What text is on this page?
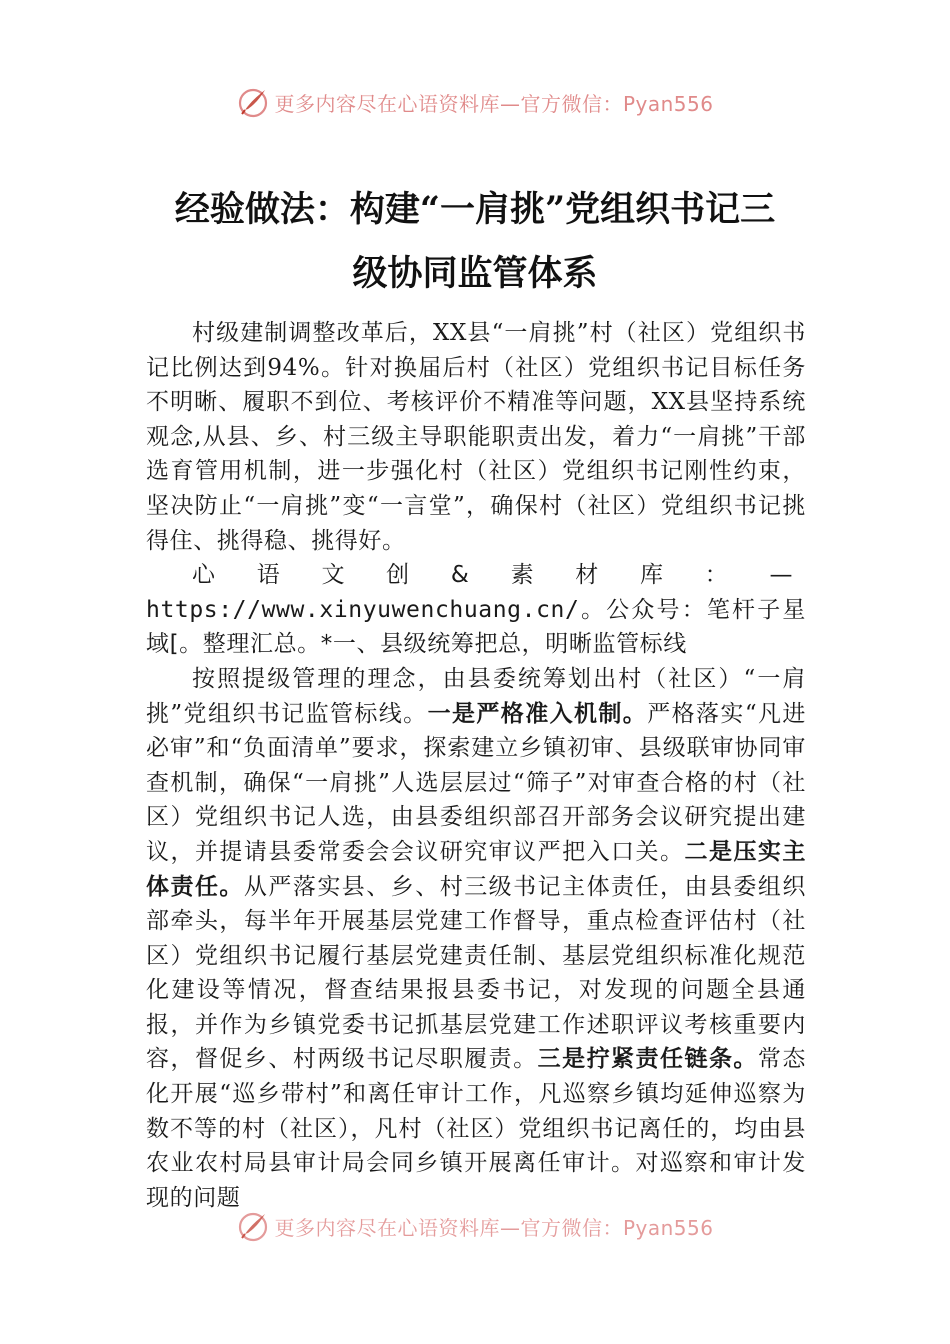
更多内容尽在心语资料库—官方微信：Pyan556
经验做法：构建“一肩挑”党组织书记三
级协同监管体系

村级建制调整改革后，XX县“一肩挑”村（社区）党组织书记比例达到94%。针对换届后村（社区）党组织书记目标任务不明晰、履职不到位、考核评价不精准等问题，XX县坚持系统观念,从县、乡、村三级主导职能职责出发，着力“一肩挑”干部选育管用机制，进一步强化村（社区）党组织书记刚性约束，坚决防止“一肩挑”变“一言堂”，确保村（社区）党组织书记挑得住、挑得稳、挑得好。

心语文创&素材库：—https://www.xinyuwenchuang.cn/。公众号：笔杆子星域[。整理汇总。*一、县级统筹把总，明晰监管标线

按照提级管理的理念，由县委统筹划出村（社区）“一肩挑”党组织书记监管标线。一是严格准入机制。严格落实“凡进必审”和“负面清单”要求，探索建立乡镇初审、县级联审协同审查机制，确保“一肩挑”人选层层过“筛子”对审查合格的村（社区）党组织书记人选，由县委组织部召开部务会议研究提出建议，并提请县委常委会会议研究审议严把入口关。二是压实主体责任。从严落实县、乡、村三级书记主体责任，由县委组织部牵头，每半年开展基层党建工作督导，重点检查评估村（社区）党组织书记履行基层党建责任制、基层党组织标准化规范化建设等情况，督查结果报县委书记，对发现的问题全县通报，并作为乡镇党委书记抓基层党建工作述职评议考核重要内容，督促乡、村两级书记尽职履责。三是拧紧责任链条。常态化开展“巡乡带村”和离任审计工作，凡巡察乡镇均延伸巡察为数不等的村（社区），凡村（社区）党组织书记离任的，均由县农业农村局县审计局会同乡镇开展离任审计。对巡察和审计发现的问题

更多内容尽在心语资料库—官方微信：Pyan556
